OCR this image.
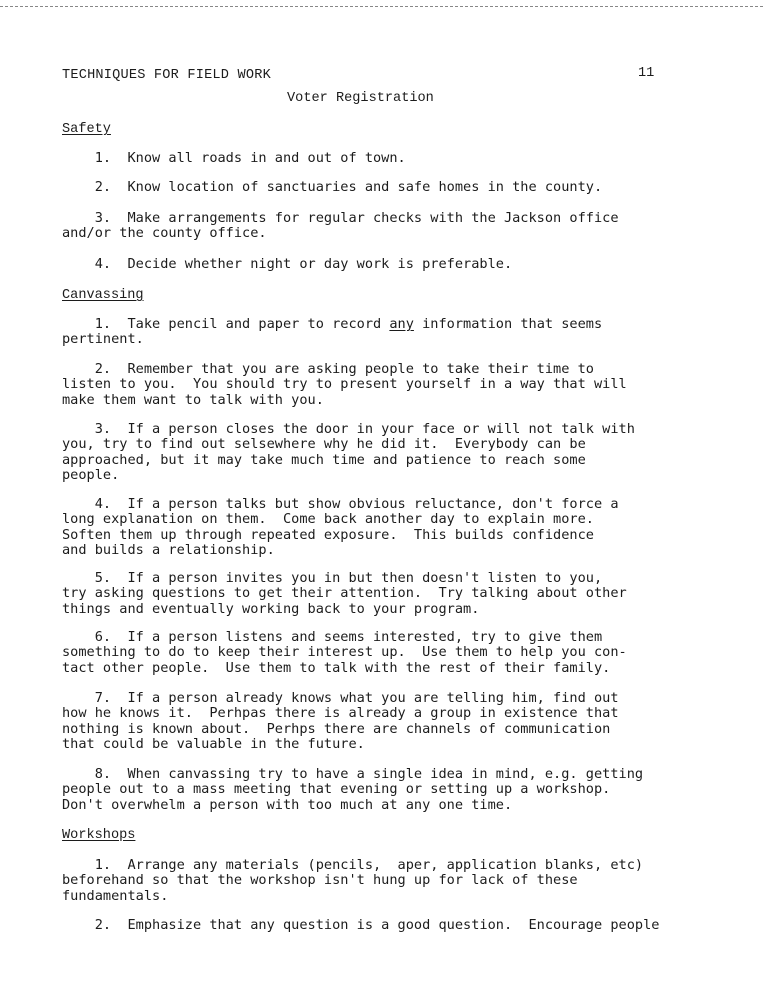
TECHNIQUES FOR FIELD WORK	11
Voter Registration
Safety
1.  Know all roads in and out of town.
2.  Know location of sanctuaries and safe homes in the county.
3.  Make arrangements for regular checks with the Jackson office
and/or the county office.
4.  Decide whether night or day work is preferable.
Canvassing
1.  Take pencil and paper to record any information that seems
pertinent.
2.  Remember that you are asking people to take their time to
listen to you.  You should try to present yourself in a way that will
make them want to talk with you.
3.  If a person closes the door in your face or will not talk with
you, try to find out selsewhere why he did it.  Everybody can be
approached, but it may take much time and patience to reach some
people.
4.  If a person talks but show obvious reluctance, don't force a
long explanation on them.  Come back another day to explain more.
Soften them up through repeated exposure.  This builds confidence
and builds a relationship.
5.  If a person invites you in but then doesn't listen to you,
try asking questions to get their attention.  Try talking about other
things and eventually working back to your program.
6.  If a person listens and seems interested, try to give them
something to do to keep their interest up.  Use them to help you con-
tact other people.  Use them to talk with the rest of their family.
7.  If a person already knows what you are telling him, find out
how he knows it.  Perhpas there is already a group in existence that
nothing is known about.  Perhps there are channels of communication
that could be valuable in the future.
8.  When canvassing try to have a single idea in mind, e.g. getting
people out to a mass meeting that evening or setting up a workshop.
Don't overwhelm a person with too much at any one time.
Workshops
1.  Arrange any materials (pencils,  aper, application blanks, etc)
beforehand so that the workshop isn't hung up for lack of these
fundamentals.
2.  Emphasize that any question is a good question.  Encourage people
